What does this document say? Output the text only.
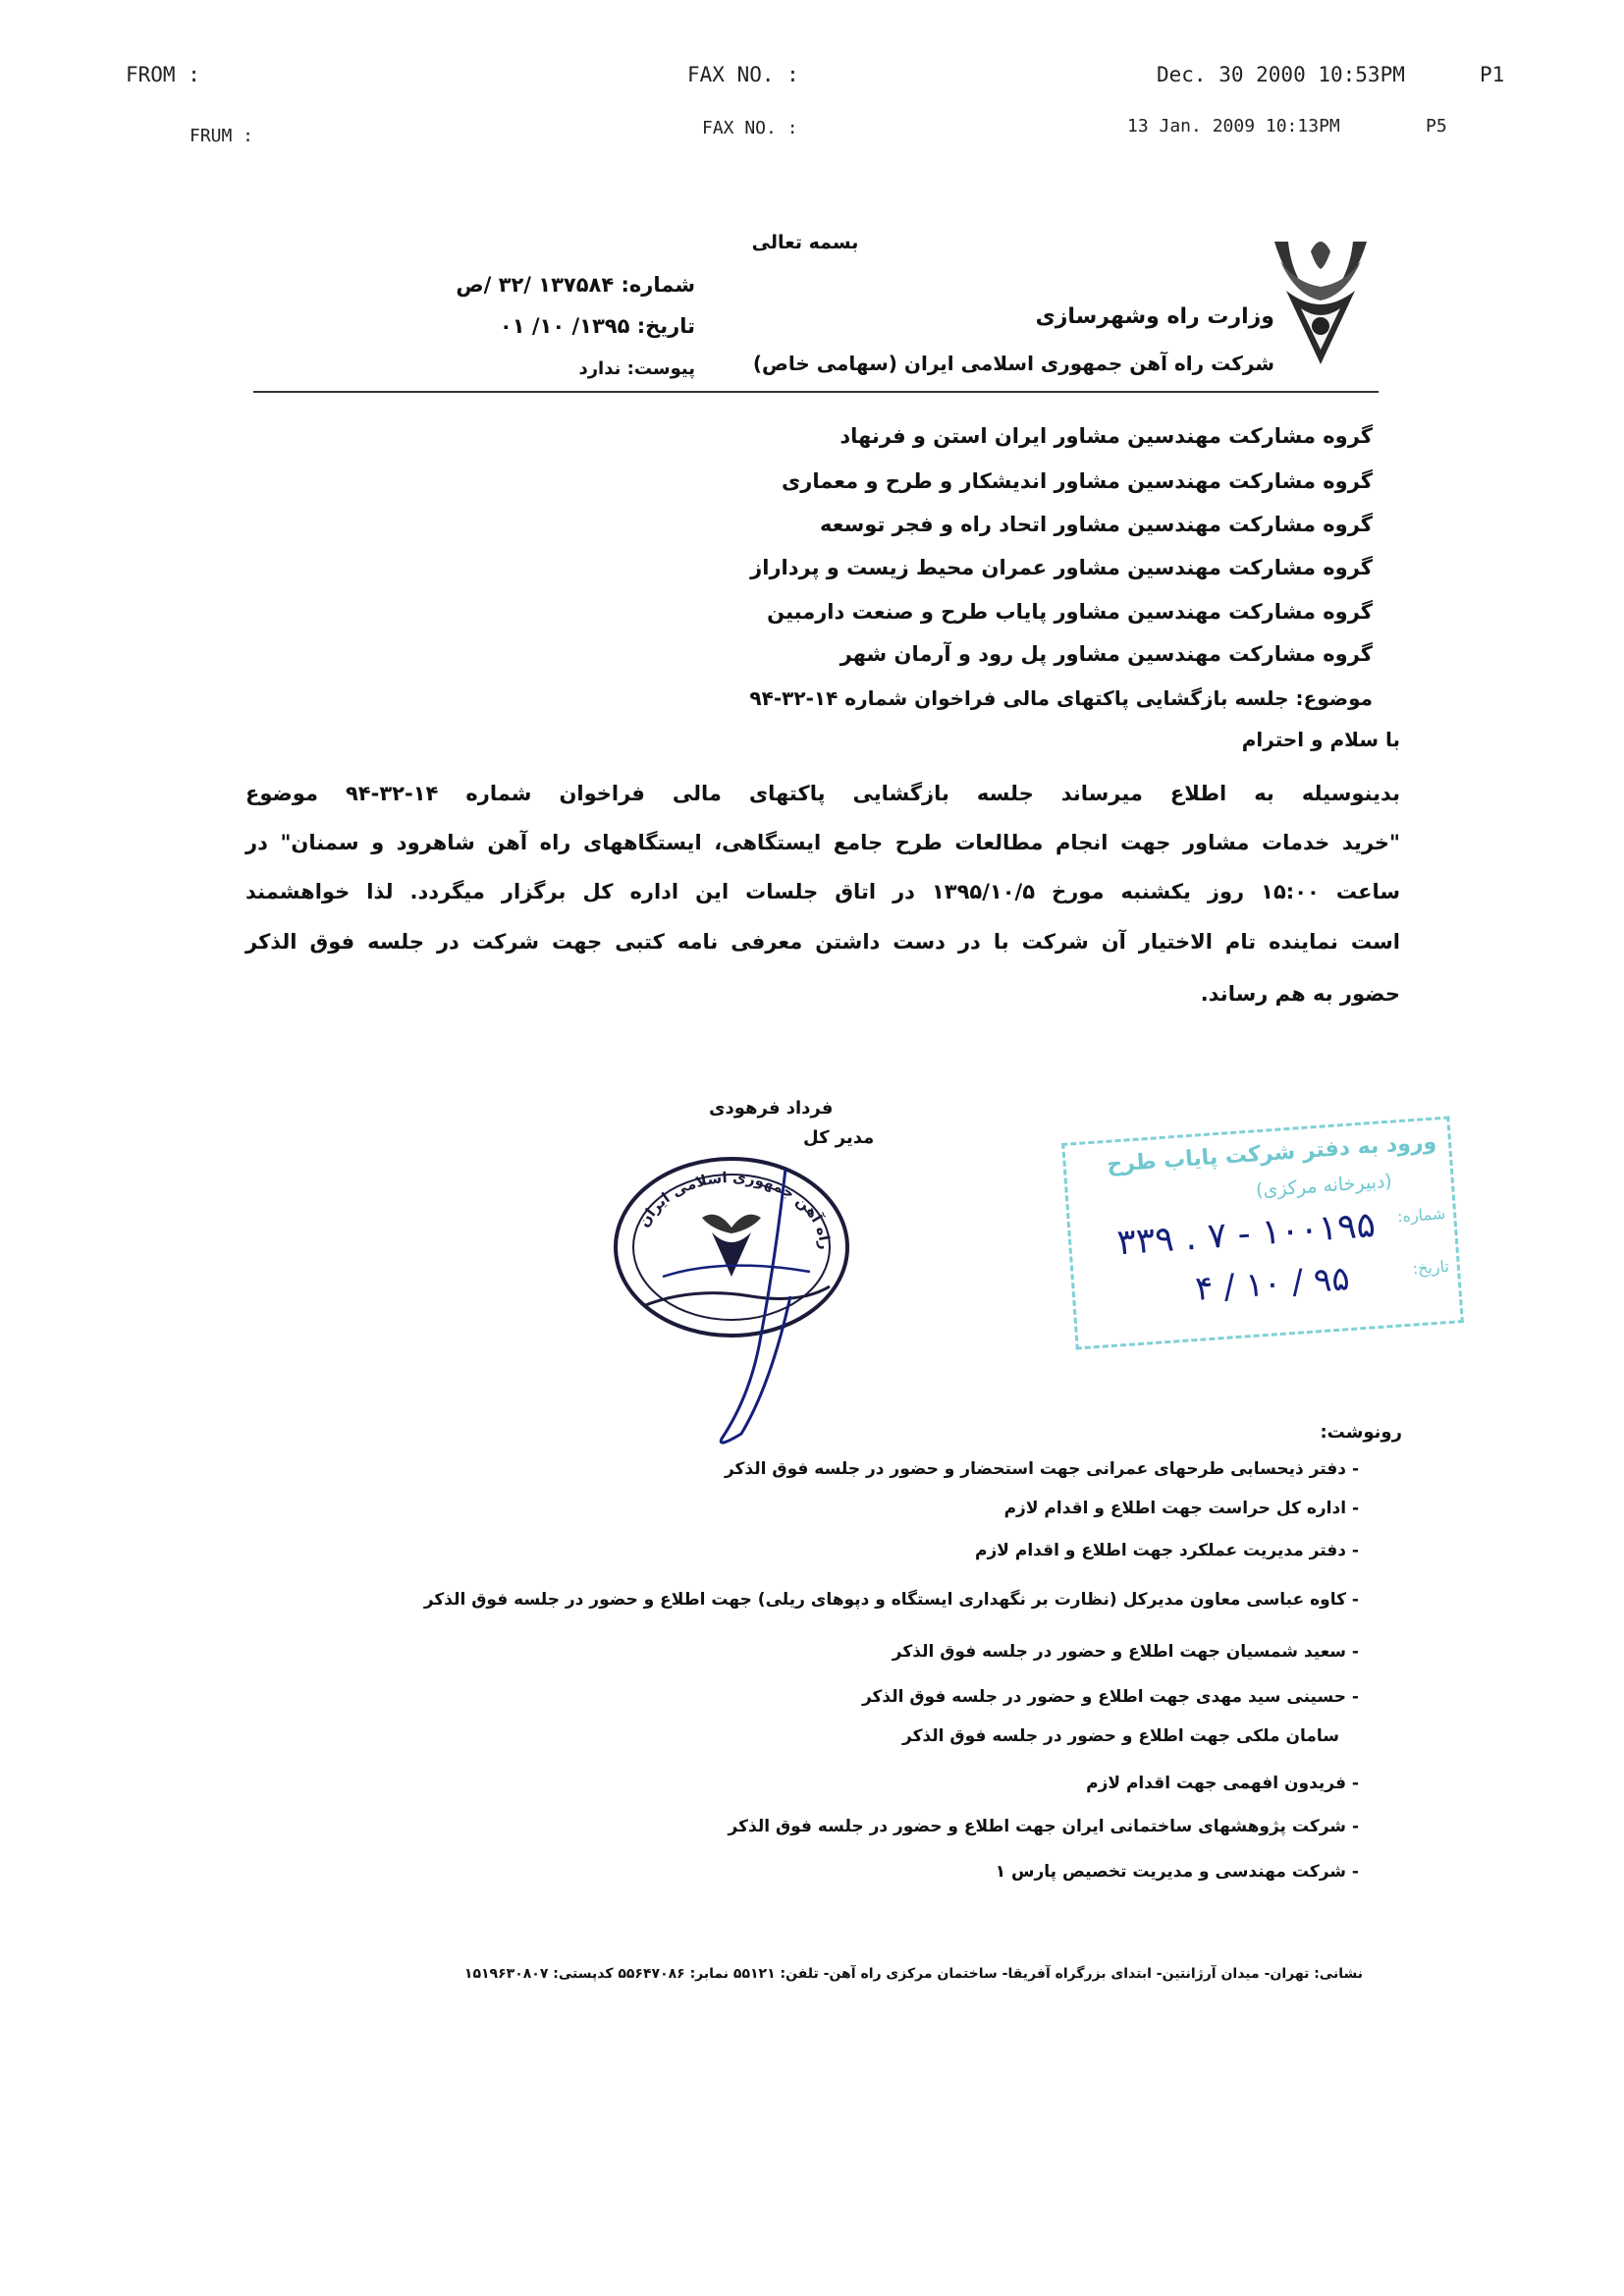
FROM :	FAX NO. :	Dec. 30 2000 10:53PM	P1
FRUM :	FAX NO. :	13 Jan. 2009 10:13PM	P5
بسمه تعالی
وزارت راه وشهرسازی
شرکت راه آهن جمهوری اسلامی ایران (سهامی خاص)
شماره: ۱۳۷۵۸۴ /۳۲ /ص
تاریخ: ۱۳۹۵/ ۱۰/ ۰۱
پیوست: ندارد
گروه مشارکت مهندسین مشاور ایران استن و فرنهاد
گروه مشارکت مهندسین مشاور اندیشکار و طرح و معماری
گروه مشارکت مهندسین مشاور اتحاد راه و فجر توسعه
گروه مشارکت مهندسین مشاور عمران محیط زیست و پرداراز
گروه مشارکت مهندسین مشاور پایاب طرح و صنعت دارمبین
گروه مشارکت مهندسین مشاور پل رود و آرمان شهر
موضوع: جلسه بازگشایی پاکتهای مالی فراخوان شماره ۱۴-۳۲-۹۴
با سلام و احترام
بدینوسیله به اطلاع میرساند جلسه بازگشایی پاکتهای مالی فراخوان شماره ۱۴-۳۲-۹۴ موضوع
"خرید خدمات مشاور جهت انجام مطالعات طرح جامع ایستگاهی، ایستگاههای راه آهن شاهرود و سمنان" در
ساعت ۱۵:۰۰ روز یکشنبه مورخ ۱۳۹۵/۱۰/۵ در اتاق جلسات این اداره کل برگزار میگردد. لذا خواهشمند
است نماینده تام الاختیار آن شرکت با در دست داشتن معرفی نامه کتبی جهت شرکت در جلسه فوق الذکر
حضور به هم رساند.
فرداد فرهودی
مدیر کل
راه آهن جمهوری اسلامی ایران
ورود به دفتر شرکت پایاب طرح
(دبیرخانه مرکزی)
شماره:
تاریخ:
۱۰۰۱۹۵ - ۷ . ۳۳۹
۹۵ / ۱۰ / ۴
رونوشت:
- دفتر ذیحسابی طرحهای عمرانی جهت استحضار و حضور در جلسه فوق الذکر
- اداره کل حراست جهت اطلاع و اقدام لازم
- دفتر مدیریت عملکرد جهت اطلاع و اقدام لازم
- کاوه عباسی معاون مدیرکل (نظارت بر نگهداری ایستگاه و دپوهای ریلی) جهت اطلاع و حضور در جلسه فوق الذکر
- سعید شمسیان جهت اطلاع و حضور در جلسه فوق الذکر
- حسینی سید مهدی جهت اطلاع و حضور در جلسه فوق الذکر
سامان ملکی جهت اطلاع و حضور در جلسه فوق الذکر
- فریدون افهمی جهت اقدام لازم
- شرکت پژوهشهای ساختمانی ایران جهت اطلاع و حضور در جلسه فوق الذکر
- شرکت مهندسی و مدیریت تخصیص پارس ۱
نشانی: تهران- میدان آرژانتین- ابتدای بزرگراه آفریقا- ساختمان مرکزی راه آهن- تلفن: ۵۵۱۲۱ نمابر: ۵۵۶۴۷۰۸۶ کدپستی: ۱۵۱۹۶۳۰۸۰۷
